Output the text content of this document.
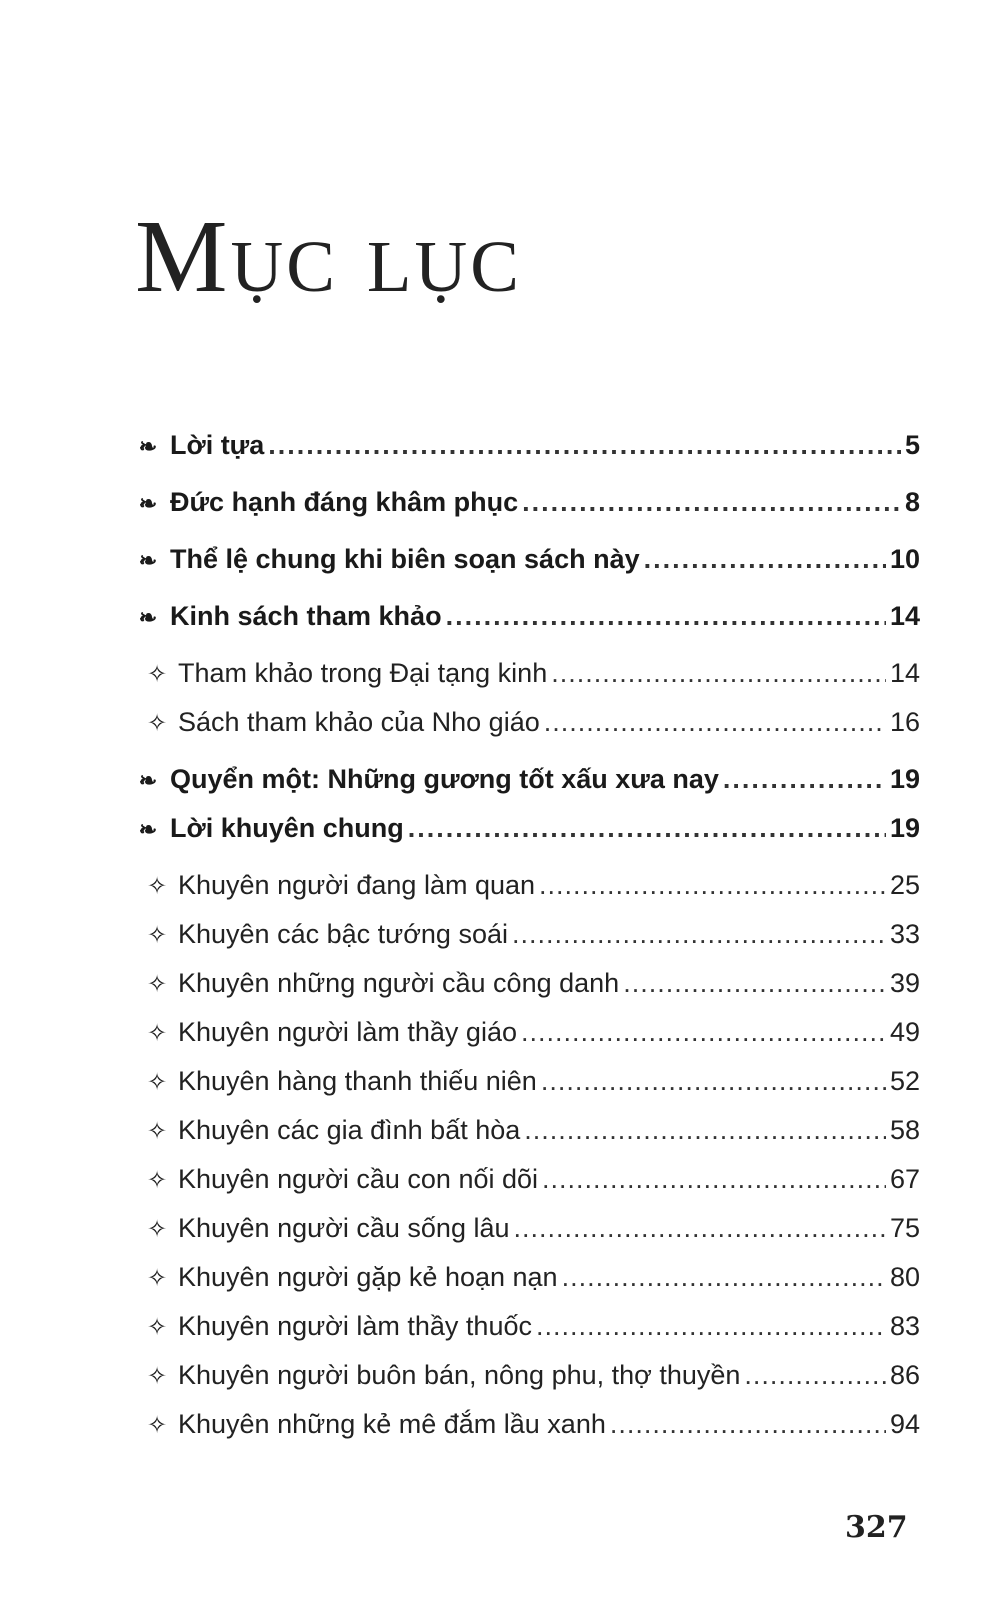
Mục lục
❧ Lời tựa .....	5
❧ Đức hạnh đáng khâm phục .....	8
❧ Thể lệ chung khi biên soạn sách này .....	10
❧ Kinh sách tham khảo .....	14
✧ Tham khảo trong Đại tạng kinh .....	14
✧ Sách tham khảo của Nho giáo .....	16
❧ Quyển một: Những gương tốt xấu xưa nay .....	19
❧ Lời khuyên chung .....	19
✧ Khuyên người đang làm quan .....	25
✧ Khuyên các bậc tướng soái .....	33
✧ Khuyên những người cầu công danh .....	39
✧ Khuyên người làm thầy giáo .....	49
✧ Khuyên hàng thanh thiếu niên .....	52
✧ Khuyên các gia đình bất hòa .....	58
✧ Khuyên người cầu con nối dõi .....	67
✧ Khuyên người cầu sống lâu .....	75
✧ Khuyên người gặp kẻ hoạn nạn .....	80
✧ Khuyên người làm thầy thuốc .....	83
✧ Khuyên người buôn bán, nông phu, thợ thuyền .....	86
✧ Khuyên những kẻ mê đắm lầu xanh .....	94
327
